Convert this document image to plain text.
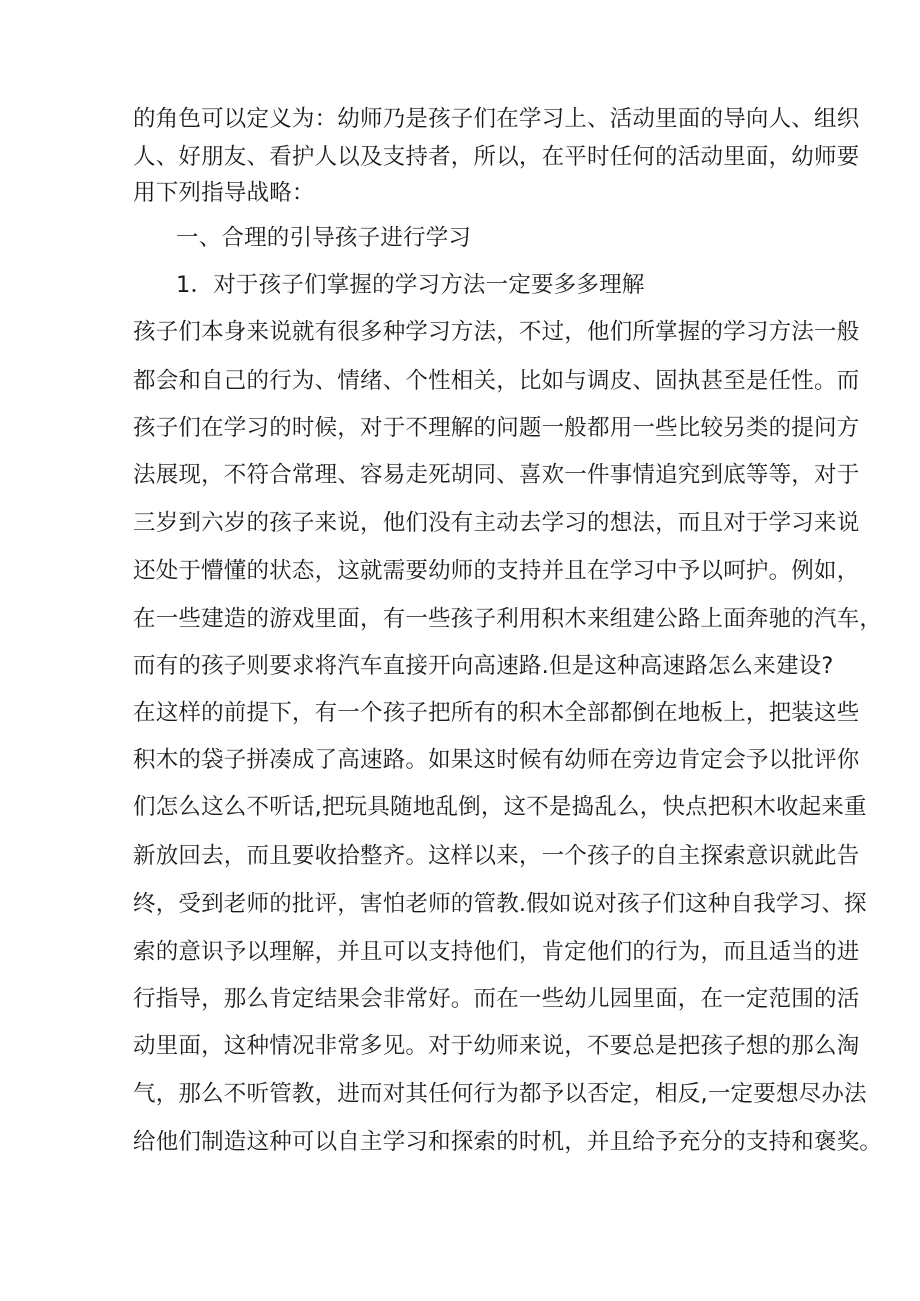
的角色可以定义为：幼师乃是孩子们在学习上、活动里面的导向人、组织
人、好朋友、看护人以及支持者，所以，在平时任何的活动里面，幼师要
用下列指导战略：
一、合理的引导孩子进行学习
1．对于孩子们掌握的学习方法一定要多多理解
孩子们本身来说就有很多种学习方法，不过，他们所掌握的学习方法一般
都会和自己的行为、情绪、个性相关，比如与调皮、固执甚至是任性。而
孩子们在学习的时候，对于不理解的问题一般都用一些比较另类的提问方
法展现，不符合常理、容易走死胡同、喜欢一件事情追究到底等等，对于
三岁到六岁的孩子来说，他们没有主动去学习的想法，而且对于学习来说
还处于懵懂的状态，这就需要幼师的支持并且在学习中予以呵护。例如，
在一些建造的游戏里面，有一些孩子利用积木来组建公路上面奔驰的汽车，
而有的孩子则要求将汽车直接开向高速路.但是这种高速路怎么来建设?
在这样的前提下，有一个孩子把所有的积木全部都倒在地板上，把装这些
积木的袋子拼凑成了高速路。如果这时候有幼师在旁边肯定会予以批评你
们怎么这么不听话,把玩具随地乱倒，这不是捣乱么，快点把积木收起来重
新放回去，而且要收拾整齐。这样以来，一个孩子的自主探索意识就此告
终，受到老师的批评，害怕老师的管教.假如说对孩子们这种自我学习、探
索的意识予以理解，并且可以支持他们，肯定他们的行为，而且适当的进
行指导，那么肯定结果会非常好。而在一些幼儿园里面，在一定范围的活
动里面，这种情况非常多见。对于幼师来说，不要总是把孩子想的那么淘
气，那么不听管教，进而对其任何行为都予以否定，相反,一定要想尽办法
给他们制造这种可以自主学习和探索的时机，并且给予充分的支持和褒奖。
